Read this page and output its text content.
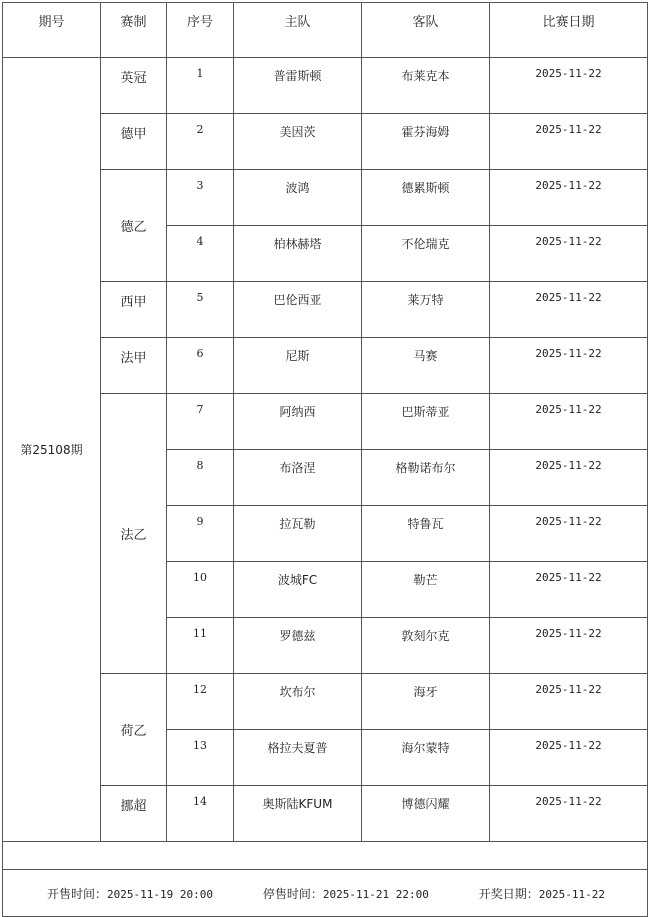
期号	赛制	序号	主队	客队	比赛日期
第25108期	英冠	1	普雷斯顿	布莱克本	2025-11-22
	德甲	2	美因茨	霍芬海姆	2025-11-22
	德乙	3	波鸿	德累斯顿	2025-11-22
		4	柏林赫塔	不伦瑞克	2025-11-22
	西甲	5	巴伦西亚	莱万特	2025-11-22
	法甲	6	尼斯	马赛	2025-11-22
	法乙	7	阿纳西	巴斯蒂亚	2025-11-22
		8	布洛涅	格勒诺布尔	2025-11-22
		9	拉瓦勒	特鲁瓦	2025-11-22
		10	波城FC	勒芒	2025-11-22
		11	罗德兹	敦刻尔克	2025-11-22
	荷乙	12	坎布尔	海牙	2025-11-22
		13	格拉夫夏普	海尔蒙特	2025-11-22
	挪超	14	奥斯陆KFUM	博德闪耀	2025-11-22

开售时间：2025-11-19 20:00 停售时间：2025-11-21 22:00 开奖日期：2025-11-22					
